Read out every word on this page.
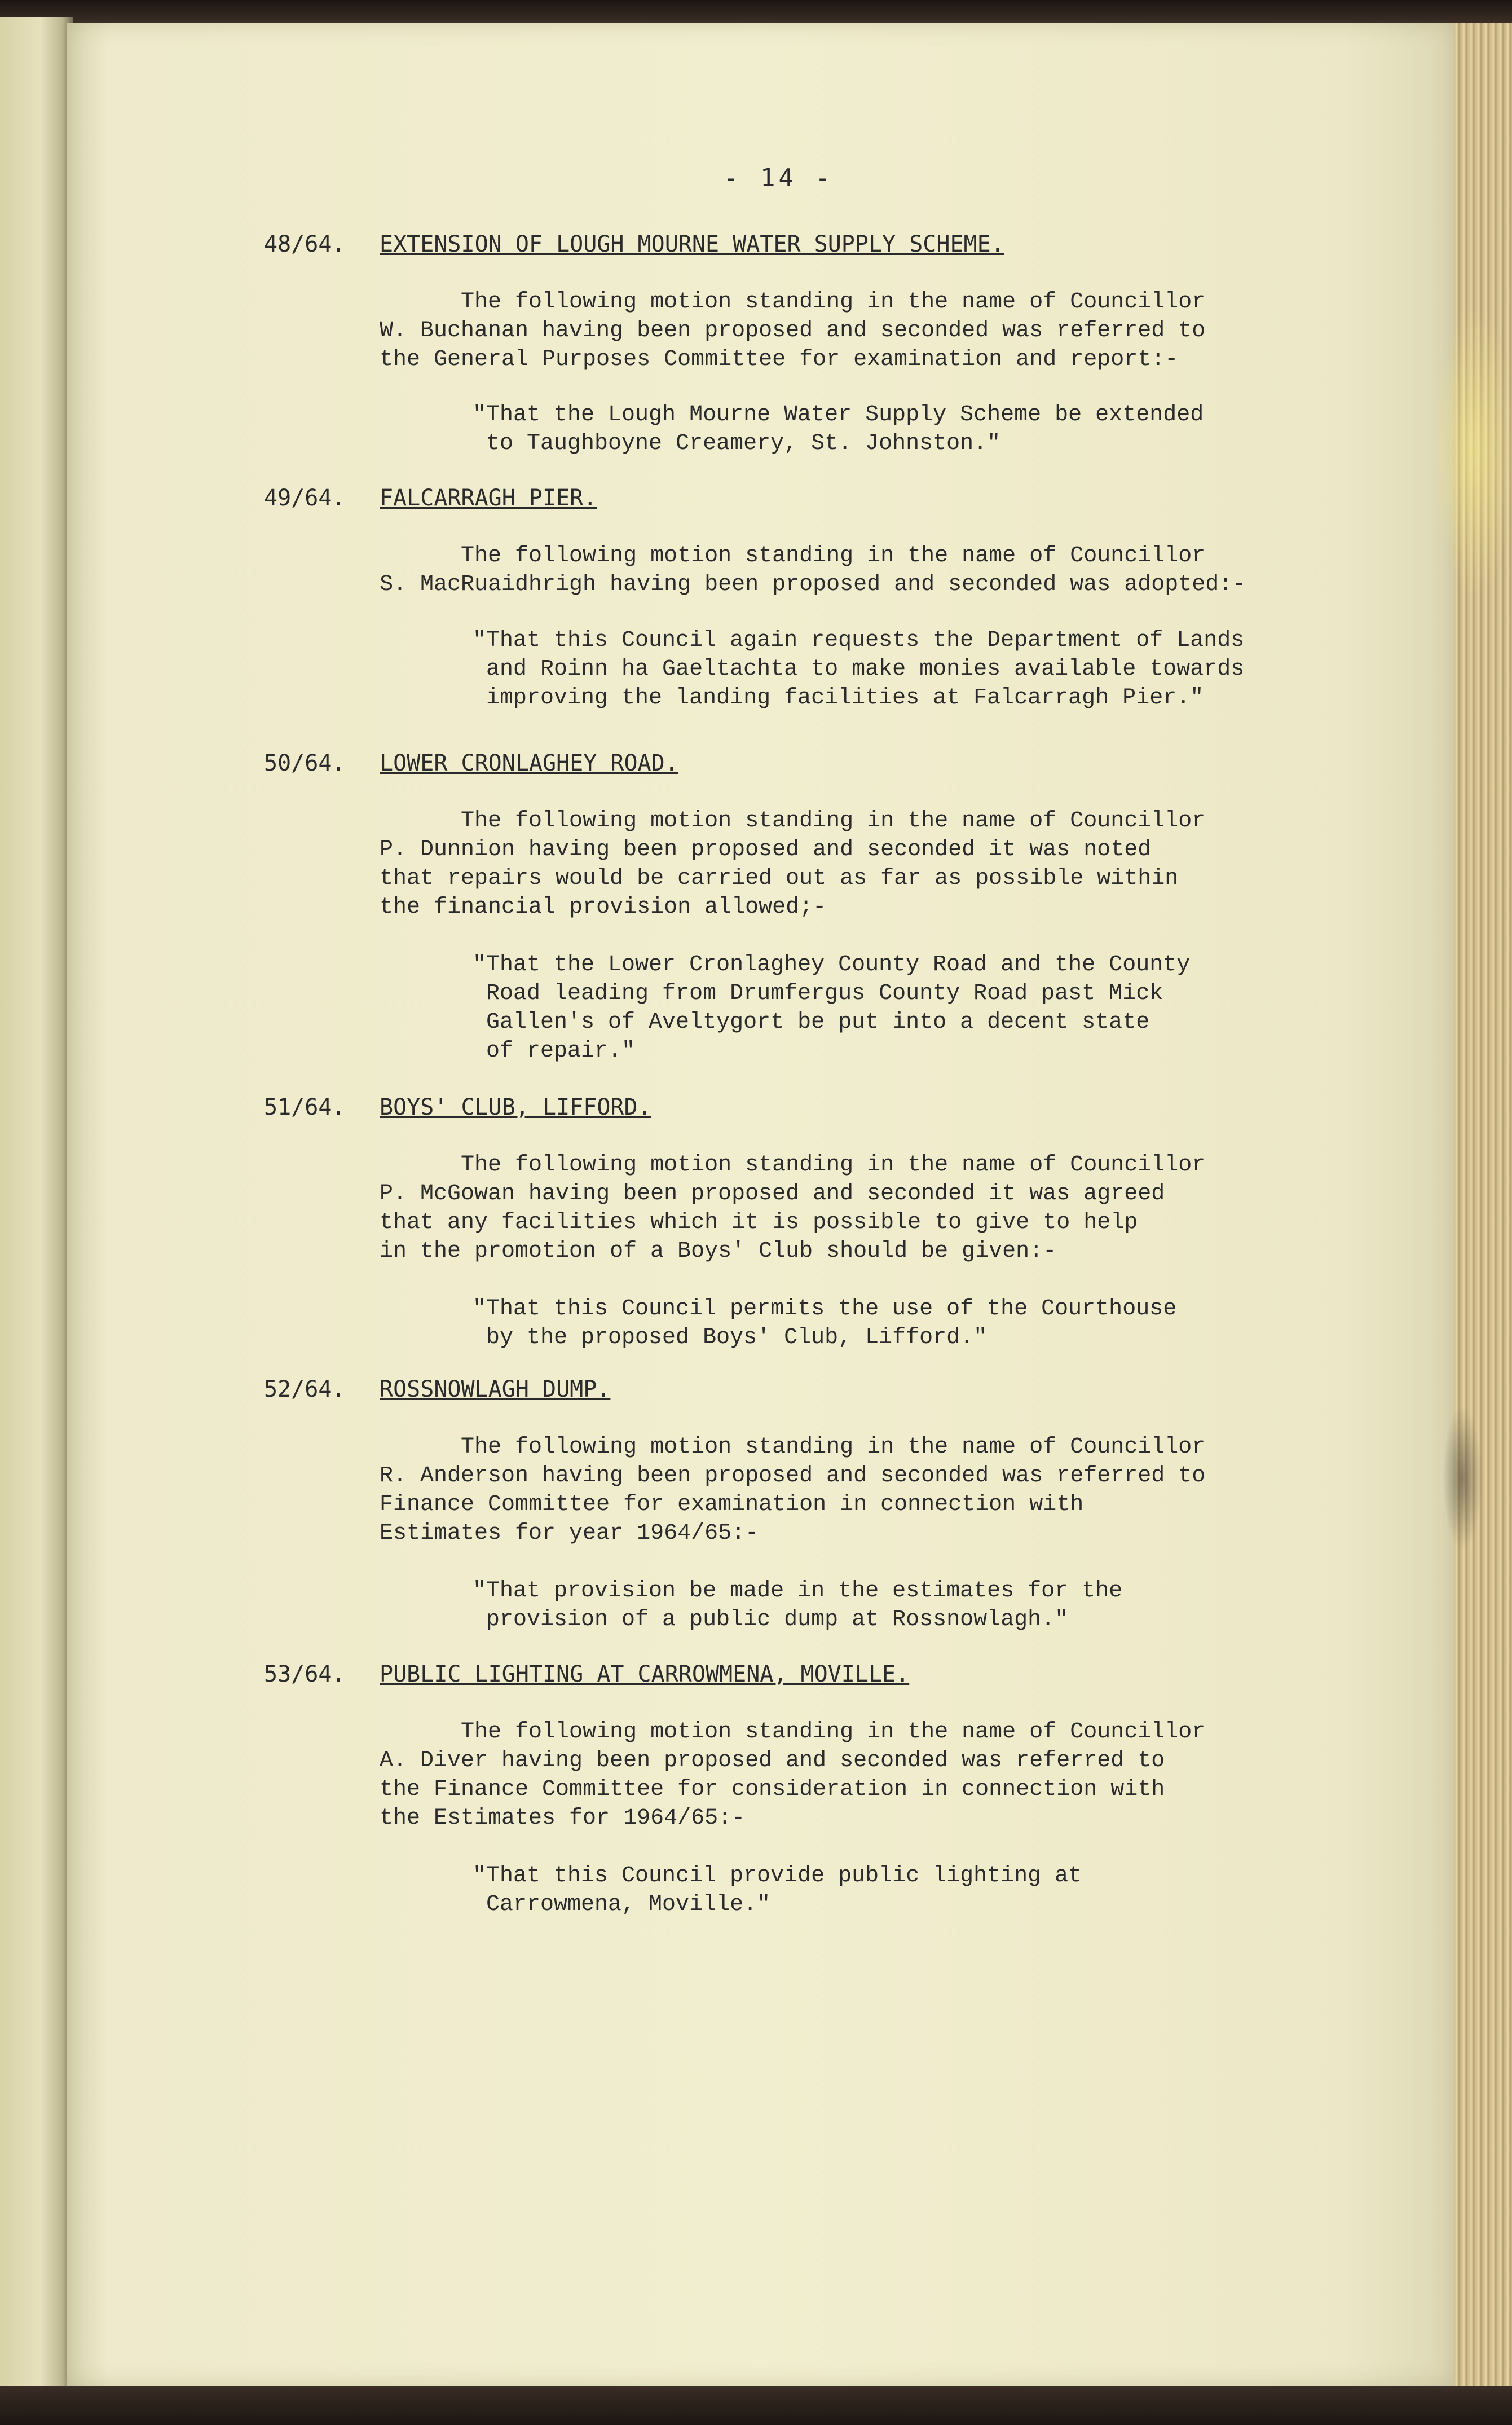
- 14 -
48/64. EXTENSION OF LOUGH MOURNE WATER SUPPLY SCHEME.
The following motion standing in the name of Councillor
W. Buchanan having been proposed and seconded was referred to
the General Purposes Committee for examination and report:-
"That the Lough Mourne Water Supply Scheme be extended
to Taughboyne Creamery, St. Johnston."
49/64. FALCARRAGH PIER.
The following motion standing in the name of Councillor
S. MacRuaidhrigh having been proposed and seconded was adopted:-
"That this Council again requests the Department of Lands
and Roinn ha Gaeltachta to make monies available towards
improving the landing facilities at Falcarragh Pier."
50/64. LOWER CRONLAGHEY ROAD.
The following motion standing in the name of Councillor
P. Dunnion having been proposed and seconded it was noted
that repairs would be carried out as far as possible within
the financial provision allowed;-
"That the Lower Cronlaghey County Road and the County
Road leading from Drumfergus County Road past Mick
Gallen's of Aveltygort be put into a decent state
of repair."
51/64. BOYS' CLUB, LIFFORD.
The following motion standing in the name of Councillor
P. McGowan having been proposed and seconded it was agreed
that any facilities which it is possible to give to help
in the promotion of a Boys' Club should be given:-
"That this Council permits the use of the Courthouse
by the proposed Boys' Club, Lifford."
52/64. ROSSNOWLAGH DUMP.
The following motion standing in the name of Councillor
R. Anderson having been proposed and seconded was referred to
Finance Committee for examination in connection with
Estimates for year 1964/65:-
"That provision be made in the estimates for the
provision of a public dump at Rossnowlagh."
53/64. PUBLIC LIGHTING AT CARROWMENA, MOVILLE.
The following motion standing in the name of Councillor
A. Diver having been proposed and seconded was referred to
the Finance Committee for consideration in connection with
the Estimates for 1964/65:-
"That this Council provide public lighting at
Carrowmena, Moville."
